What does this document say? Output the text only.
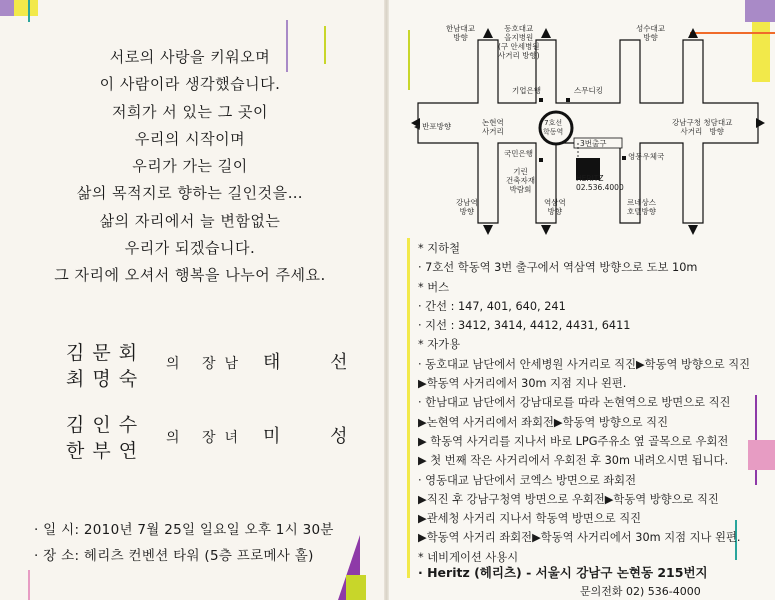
서로의 사랑을 키워오며
이 사람이라 생각했습니다.
저희가 서 있는 그 곳이
우리의 시작이며
우리가 가는 길이
삶의 목적지로 향하는 길인것을…
삶의 자리에서 늘 변함없는
우리가 되겠습니다.
그 자리에 오셔서 행복을 나누어 주세요.
김문회
최명숙
의 장남 태 선
김인수
한부연
의 장녀 미 성
· 일 시: 2010년 7월 25일 일요일 오후 1시 30분
· 장 소: 헤리츠 컨벤션 타워 (5층 프로메사 홀)
한남대교
방향
동호대교
을지병원
(구 안세병원
사거리 방향)
성수대교
방향
기업은행	스무디킹
◀ 반포방향	논현역
사거리
7호선
학동역
강남구청 청담대교
사거리   방향
3번출구
국민은행
HERITZ
02.536.4000
영동우체국
기린
건축자재
박람회
강남역
방향
역삼역
방향
르네상스
호텔방향
* 지하철
· 7호선 학동역 3번 출구에서 역삼역 방향으로 도보 10m
* 버스
· 간선 : 147, 401, 640, 241
· 지선 : 3412, 3414, 4412, 4431, 6411
* 자가용
· 동호대교 남단에서 안세병원 사거리로 직진▶학동역 방향으로 직진
▶학동역 사거리에서 30m 지점 지나 왼편.
· 한남대교 남단에서 강남대로를 따라 논현역으로 방면으로 직진
▶논현역 사거리에서 좌회전▶학동역 방향으로 직진
▶ 학동역 사거리를 지나서 바로 LPG주유소 옆 골목으로 우회전
▶ 첫 번째 작은 사거리에서 우회전 후 30m 내려오시면 됩니다.
· 영동대교 남단에서 코엑스 방면으로 좌회전
▶직진 후 강남구청역 방면으로 우회전▶학동역 방향으로 직진
▶관세청 사거리 지나서 학동역 방면으로 직진
▶학동역 사거리 좌회전▶학동역 사거리에서 30m 지점 지나 왼편.
* 네비게이션 사용시
· Heritz (헤리츠) - 서울시 강남구 논현동 215번지
문의전화 02) 536-4000
